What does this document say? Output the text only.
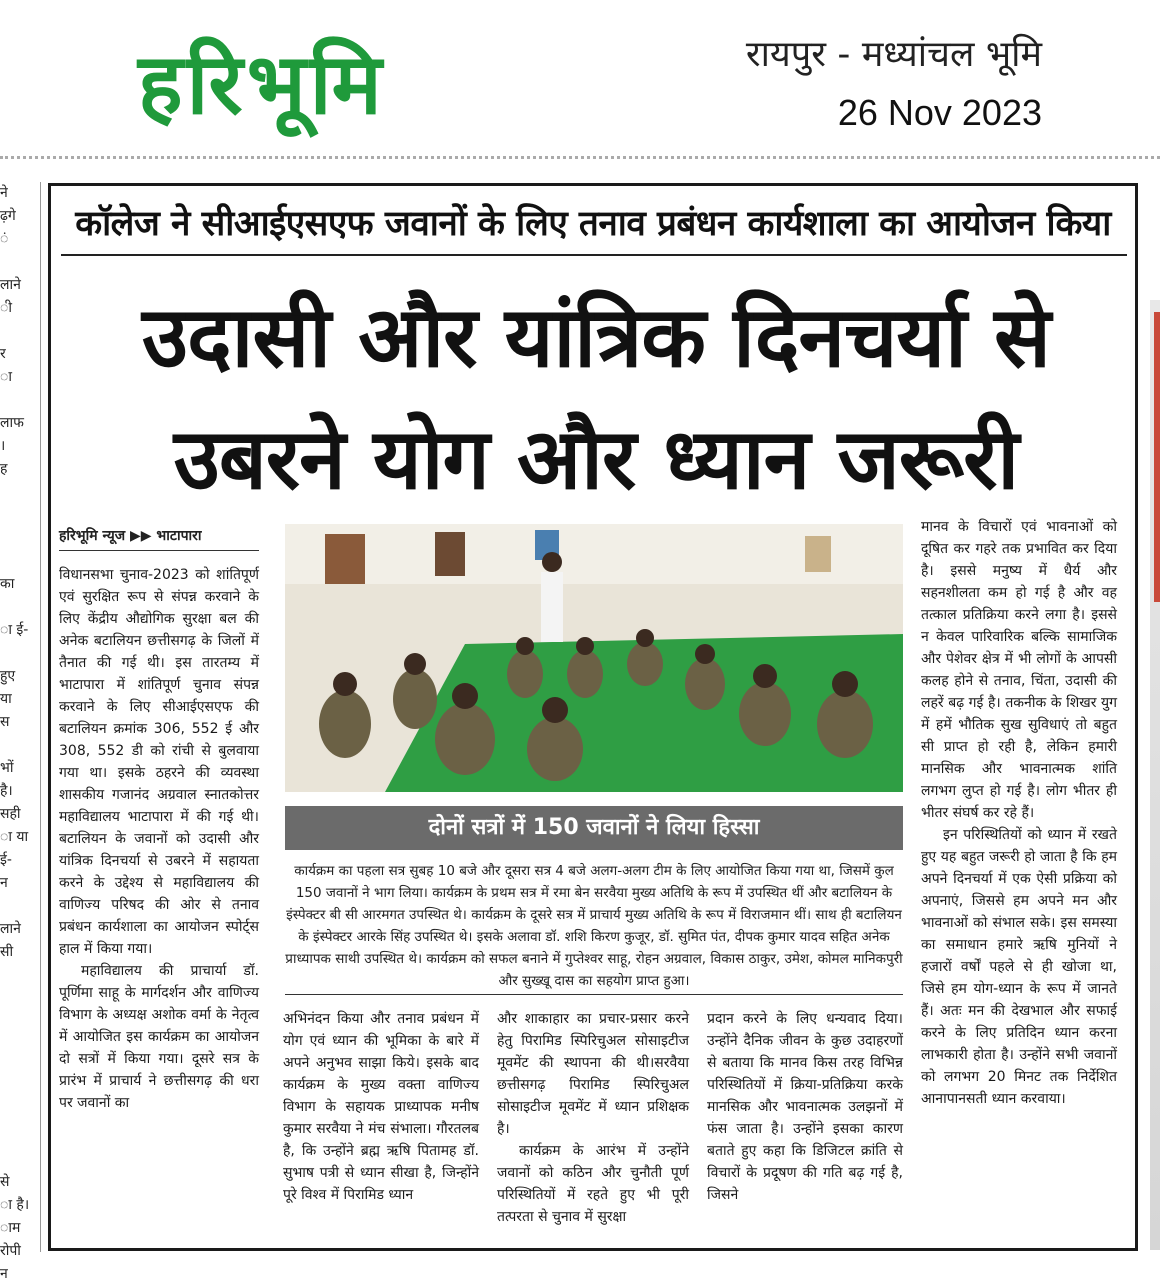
हरिभूमि	रायपुर - मध्यांचल भूमि
26 Nov 2023
ने
ढ़गे
ं

लाने
ी

र
ा

लाफ
।
ह

का

ा ई-

हुए
या
स

भों
है।
सही
ा या
ई-
न

लाने
सी

से
ा है।
ाम
रोपी
न
कॉलेज ने सीआईएसएफ जवानों के लिए तनाव प्रबंधन कार्यशाला का आयोजन किया
उदासी और यांत्रिक दिनचर्या से
उबरने योग और ध्यान जरूरी
हरिभूमि न्यूज ▶▶ भाटापारा

विधानसभा चुनाव-2023 को शांतिपूर्ण एवं सुरक्षित रूप से संपन्न करवाने के लिए केंद्रीय औद्योगिक सुरक्षा बल की अनेक बटालियन छत्तीसगढ़ के जिलों में तैनात की गई थी। इस तारतम्य में भाटापारा में शांतिपूर्ण चुनाव संपन्न करवाने के लिए सीआईएसएफ की बटालियन क्रमांक 306, 552 ई और 308, 552 डी को रांची से बुलवाया गया था। इसके ठहरने की व्यवस्था शासकीय गजानंद अग्रवाल स्नातकोत्तर महाविद्यालय भाटापारा में की गई थी। बटालियन के जवानों को उदासी और यांत्रिक दिनचर्या से उबरने में सहायता करने के उद्देश्य से महाविद्यालय की वाणिज्य परिषद की ओर से तनाव प्रबंधन कार्यशाला का आयोजन स्पोर्ट्स हाल में किया गया।

महाविद्यालय की प्राचार्या डॉ. पूर्णिमा साहू के मार्गदर्शन और वाणिज्य विभाग के अध्यक्ष अशोक वर्मा के नेतृत्व में आयोजित इस कार्यक्रम का आयोजन दो सत्रों में किया गया। दूसरे सत्र के प्रारंभ में प्राचार्य ने छत्तीसगढ़ की धरा पर जवानों का

दोनों सत्रों में 150 जवानों ने लिया हिस्सा
कार्यक्रम का पहला सत्र सुबह 10 बजे और दूसरा सत्र 4 बजे अलग-अलग टीम के लिए आयोजित किया गया था, जिसमें कुल 150 जवानों ने भाग लिया। कार्यक्रम के प्रथम सत्र में रमा बेन सरवैया मुख्य अतिथि के रूप में उपस्थित थीं और बटालियन के इंस्पेक्टर बी सी आरमगत उपस्थित थे। कार्यक्रम के दूसरे सत्र में प्राचार्य मुख्य अतिथि के रूप में विराजमान थीं। साथ ही बटालियन के इंस्पेक्टर आरके सिंह उपस्थित थे। इसके अलावा डॉ. शशि किरण कुजूर, डॉ. सुमित पंत, दीपक कुमार यादव सहित अनेक प्राध्यापक साथी उपस्थित थे। कार्यक्रम को सफल बनाने में गुप्तेश्वर साहू, रोहन अग्रवाल, विकास ठाकुर, उमेश, कोमल मानिकपुरी और सुख्खू दास का सहयोग प्राप्त हुआ।

अभिनंदन किया और तनाव प्रबंधन में योग एवं ध्यान की भूमिका के बारे में अपने अनुभव साझा किये। इसके बाद कार्यक्रम के मुख्य वक्ता वाणिज्य विभाग के सहायक प्राध्यापक मनीष कुमार सरवैया ने मंच संभाला। गौरतलब है, कि उन्होंने ब्रह्म ऋषि पितामह डॉ. सुभाष पत्री से ध्यान सीखा है, जिन्होंने पूरे विश्व में पिरामिड ध्यान

और शाकाहार का प्रचार-प्रसार करने हेतु पिरामिड स्पिरिचुअल सोसाइटीज मूवमेंट की स्थापना की थी।सरवैया छत्तीसगढ़ पिरामिड स्पिरिचुअल सोसाइटीज मूवमेंट में ध्यान प्रशिक्षक है।

कार्यक्रम के आरंभ में उन्होंने जवानों को कठिन और चुनौती पूर्ण परिस्थितियों में रहते हुए भी पूरी तत्परता से चुनाव में सुरक्षा

प्रदान करने के लिए धन्यवाद दिया। उन्होंने दैनिक जीवन के कुछ उदाहरणों से बताया कि मानव किस तरह विभिन्न परिस्थितियों में क्रिया-प्रतिक्रिया करके मानसिक और भावनात्मक उलझनों में फंस जाता है। उन्होंने इसका कारण बताते हुए कहा कि डिजिटल क्रांति से विचारों के प्रदूषण की गति बढ़ गई है, जिसने

मानव के विचारों एवं भावनाओं को दूषित कर गहरे तक प्रभावित कर दिया है। इससे मनुष्य में धैर्य और सहनशीलता कम हो गई है और वह तत्काल प्रतिक्रिया करने लगा है। इससे न केवल पारिवारिक बल्कि सामाजिक और पेशेवर क्षेत्र में भी लोगों के आपसी कलह होने से तनाव, चिंता, उदासी की लहरें बढ़ गई है। तकनीक के शिखर युग में हमें भौतिक सुख सुविधाएं तो बहुत सी प्राप्त हो रही है, लेकिन हमारी मानसिक और भावनात्मक शांति लगभग लुप्त हो गई है। लोग भीतर ही भीतर संघर्ष कर रहे हैं।

इन परिस्थितियों को ध्यान में रखते हुए यह बहुत जरूरी हो जाता है कि हम अपने दिनचर्या में एक ऐसी प्रक्रिया को अपनाएं, जिससे हम अपने मन और भावनाओं को संभाल सके। इस समस्या का समाधान हमारे ऋषि मुनियों ने हजारों वर्षों पहले से ही खोजा था, जिसे हम योग-ध्यान के रूप में जानते हैं। अतः मन की देखभाल और सफाई करने के लिए प्रतिदिन ध्यान करना लाभकारी होता है। उन्होंने सभी जवानों को लगभग 20 मिनट तक निर्देशित आनापानसती ध्यान करवाया।
